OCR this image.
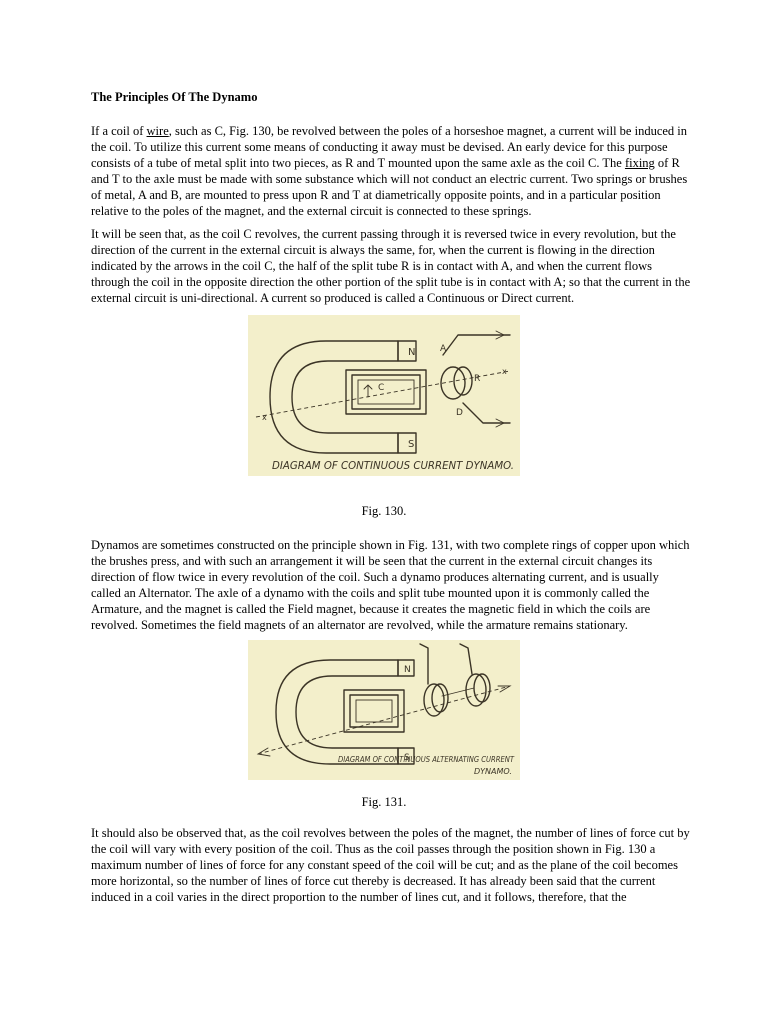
The Principles Of The Dynamo

If a coil of wire, such as C, Fig. 130, be revolved between the poles of a horseshoe magnet, a current will be induced in the coil. To utilize this current some means of conducting it away must be devised. An early device for this purpose consists of a tube of metal split into two pieces, as R and T mounted upon the same axle as the coil C. The fixing of R and T to the axle must be made with some substance which will not conduct an electric current. Two springs or brushes of metal, A and B, are mounted to press upon R and T at diametrically opposite points, and in a particular position relative to the poles of the magnet, and the external circuit is connected to these springs.

It will be seen that, as the coil C revolves, the current passing through it is reversed twice in every revolution, but the direction of the current in the external circuit is always the same, for, when the current is flowing in the direction indicated by the arrows in the coil C, the half of the split tube R is in contact with A, and when the current flows through the coil in the opposite direction the other portion of the split tube is in contact with A; so that the current in the external circuit is uni-directional. A current so produced is called a Continuous or Direct current.

x
x
N
S
C
A
R
D
DIAGRAM OF CONTINUOUS CURRENT DYNAMO.

Fig. 130.

Dynamos are sometimes constructed on the principle shown in Fig. 131, with two complete rings of copper upon which the brushes press, and with such an arrangement it will be seen that the current in the external circuit changes its direction of flow twice in every revolution of the coil. Such a dynamo produces alternating current, and is usually called an Alternator. The axle of a dynamo with the coils and split tube mounted upon it is commonly called the Armature, and the magnet is called the Field magnet, because it creates the magnetic field in which the coils are revolved. Sometimes the field magnets of an alternator are revolved, while the armature remains stationary.

N
S
DIAGRAM OF CONTINUOUS ALTERNATING CURRENT
DYNAMO.

Fig. 131.

It should also be observed that, as the coil revolves between the poles of the magnet, the number of lines of force cut by the coil will vary with every position of the coil. Thus as the coil passes through the position shown in Fig. 130 a maximum number of lines of force for any constant speed of the coil will be cut; and as the plane of the coil becomes more horizontal, so the number of lines of force cut thereby is decreased. It has already been said that the current induced in a coil varies in the direct proportion to the number of lines cut, and it follows, therefore, that the
